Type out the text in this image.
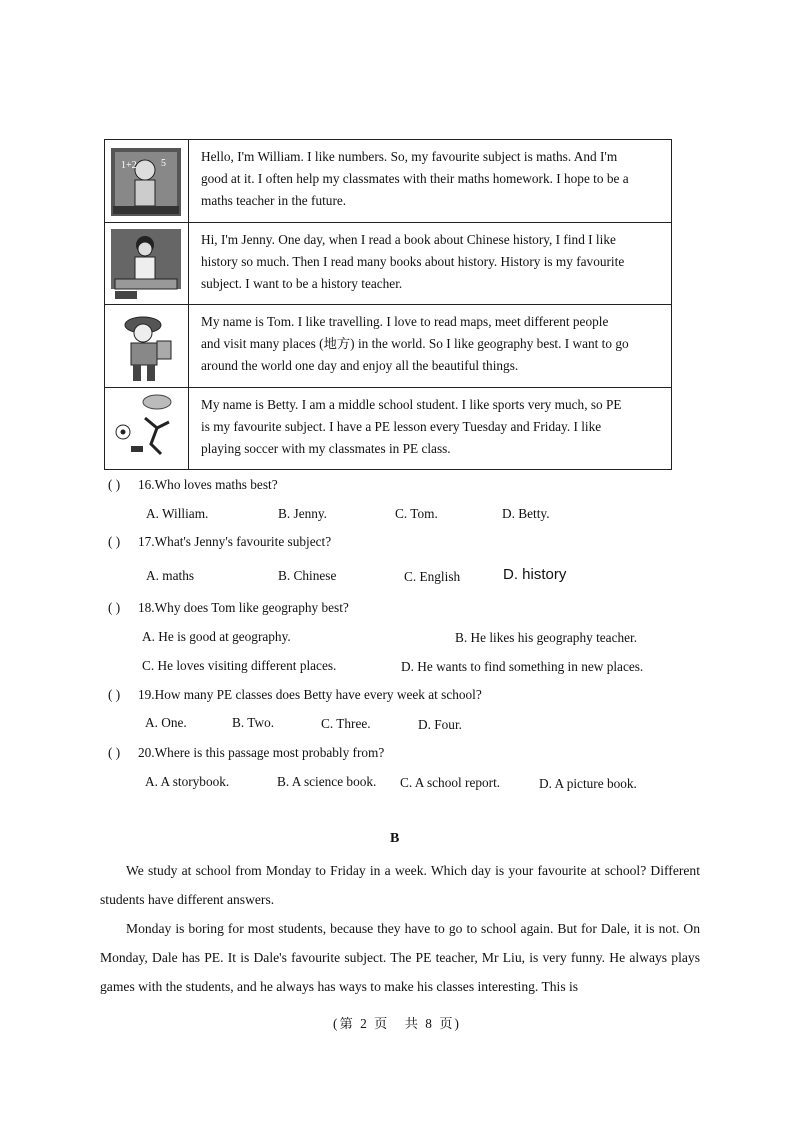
1+2 5	Hello, I'm William. I like numbers. So, my favourite subject is maths. And I'm
good at it. I often help my classmates with their maths homework. I hope to be a
maths teacher in the future.
Hi, I'm Jenny. One day, when I read a book about Chinese history, I find I like
history so much. Then I read many books about history. History is my favourite
subject. I want to be a history teacher.
My name is Tom. I like travelling. I love to read maps, meet different people
and visit many places (地方) in the world. So I like geography best. I want to go
around the world one day and enjoy all the beautiful things.
My name is Betty. I am a middle school student. I like sports very much, so PE
is my favourite subject. I have a PE lesson every Tuesday and Friday. I like
playing soccer with my classmates in PE class.
( ) 16.Who loves maths best?
A. William.	B. Jenny.	C. Tom.	D. Betty.
( ) 17.What's Jenny's favourite subject?
A. maths	B. Chinese	C. English	D. history
( ) 18.Why does Tom like geography best?
A. He is good at geography.	B. He likes his geography teacher.
C. He loves visiting different places.	D. He wants to find something in new places.
( ) 19.How many PE classes does Betty have every week at school?
A. One.	B. Two.	C. Three.	D. Four.
( ) 20.Where is this passage most probably from?
A. A storybook.	B. A science book. C. A school report.	D. A picture book.
B
We study at school from Monday to Friday in a week. Which day is your favourite at school? Different students have different answers.
Monday is boring for most students, because they have to go to school again. But for Dale, it is not. On Monday, Dale has PE. It is Dale's favourite subject. The PE teacher, Mr Liu, is very funny. He always plays games with the students, and he always has ways to make his classes interesting. This is
(第 2 页　共 8 页)
